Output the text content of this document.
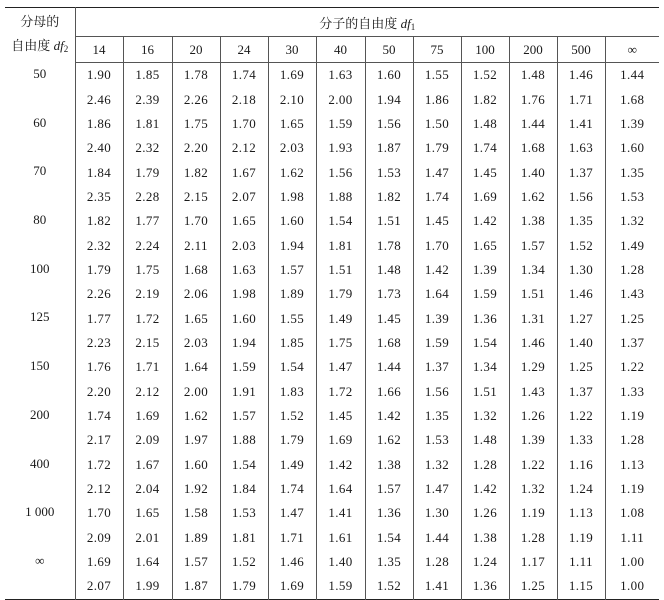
分母的
自由度 $df_2$	分子的自由度 $df_1$
	14	16	20	24	30	40	50	75	100	200	500	∞
50	1.90	1.85	1.78	1.74	1.69	1.63	1.60	1.55	1.52	1.48	1.46	1.44
	2.46	2.39	2.26	2.18	2.10	2.00	1.94	1.86	1.82	1.76	1.71	1.68
60	1.86	1.81	1.75	1.70	1.65	1.59	1.56	1.50	1.48	1.44	1.41	1.39
	2.40	2.32	2.20	2.12	2.03	1.93	1.87	1.79	1.74	1.68	1.63	1.60
70	1.84	1.79	1.82	1.67	1.62	1.56	1.53	1.47	1.45	1.40	1.37	1.35
	2.35	2.28	2.15	2.07	1.98	1.88	1.82	1.74	1.69	1.62	1.56	1.53
80	1.82	1.77	1.70	1.65	1.60	1.54	1.51	1.45	1.42	1.38	1.35	1.32
	2.32	2.24	2.11	2.03	1.94	1.81	1.78	1.70	1.65	1.57	1.52	1.49
100	1.79	1.75	1.68	1.63	1.57	1.51	1.48	1.42	1.39	1.34	1.30	1.28
	2.26	2.19	2.06	1.98	1.89	1.79	1.73	1.64	1.59	1.51	1.46	1.43
125	1.77	1.72	1.65	1.60	1.55	1.49	1.45	1.39	1.36	1.31	1.27	1.25
	2.23	2.15	2.03	1.94	1.85	1.75	1.68	1.59	1.54	1.46	1.40	1.37
150	1.76	1.71	1.64	1.59	1.54	1.47	1.44	1.37	1.34	1.29	1.25	1.22
	2.20	2.12	2.00	1.91	1.83	1.72	1.66	1.56	1.51	1.43	1.37	1.33
200	1.74	1.69	1.62	1.57	1.52	1.45	1.42	1.35	1.32	1.26	1.22	1.19
	2.17	2.09	1.97	1.88	1.79	1.69	1.62	1.53	1.48	1.39	1.33	1.28
400	1.72	1.67	1.60	1.54	1.49	1.42	1.38	1.32	1.28	1.22	1.16	1.13
	2.12	2.04	1.92	1.84	1.74	1.64	1.57	1.47	1.42	1.32	1.24	1.19
1 000	1.70	1.65	1.58	1.53	1.47	1.41	1.36	1.30	1.26	1.19	1.13	1.08
	2.09	2.01	1.89	1.81	1.71	1.61	1.54	1.44	1.38	1.28	1.19	1.11
∞	1.69	1.64	1.57	1.52	1.46	1.40	1.35	1.28	1.24	1.17	1.11	1.00
	2.07	1.99	1.87	1.79	1.69	1.59	1.52	1.41	1.36	1.25	1.15	1.00
